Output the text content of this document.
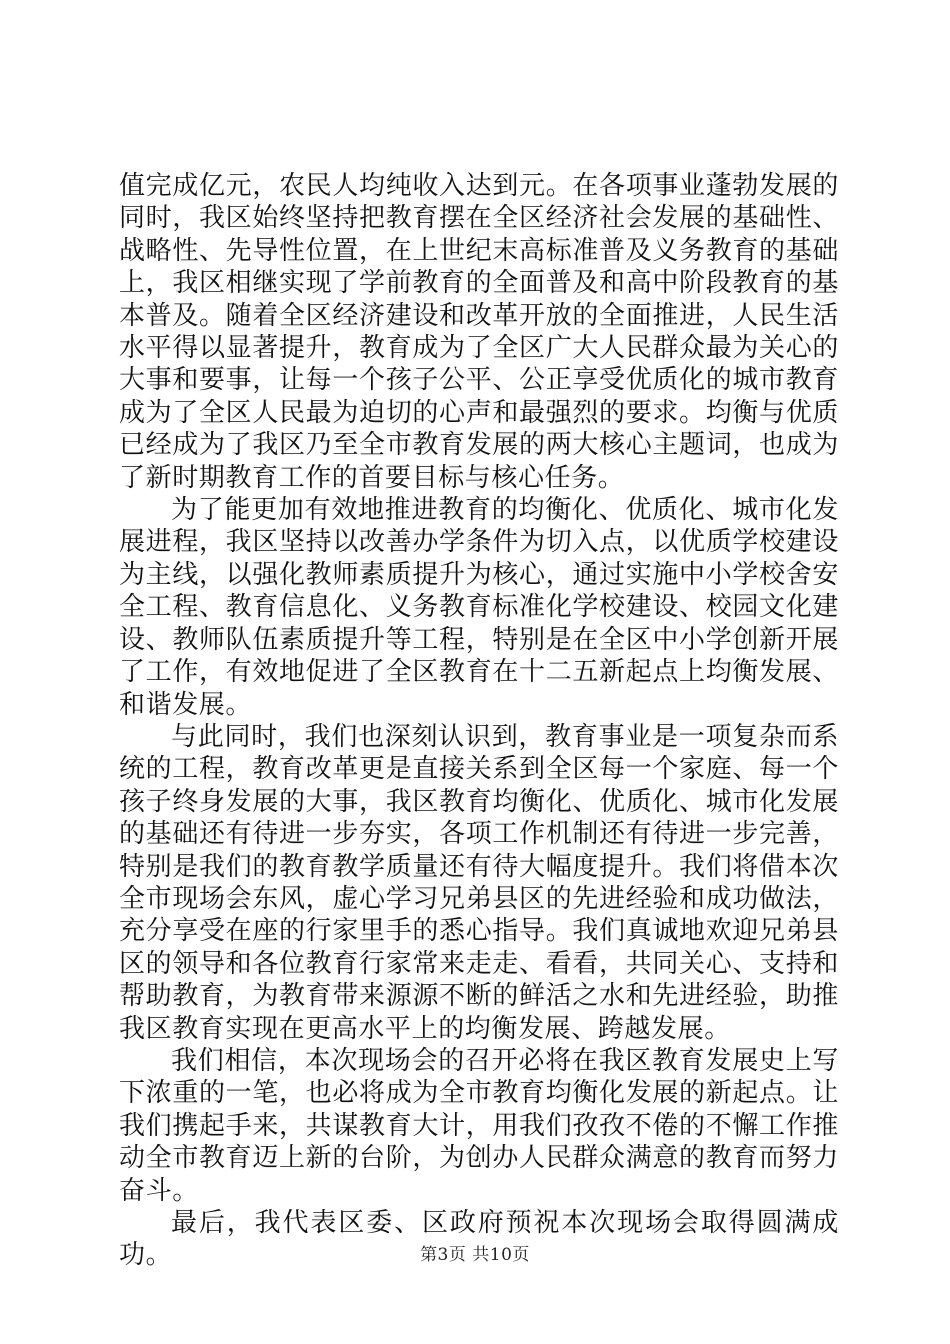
值完成亿元，农民人均纯收入达到元。在各项事业蓬勃发展的同时，我区始终坚持把教育摆在全区经济社会发展的基础性、战略性、先导性位置，在上世纪末高标准普及义务教育的基础上，我区相继实现了学前教育的全面普及和高中阶段教育的基本普及。随着全区经济建设和改革开放的全面推进，人民生活水平得以显著提升，教育成为了全区广大人民群众最为关心的大事和要事，让每一个孩子公平、公正享受优质化的城市教育成为了全区人民最为迫切的心声和最强烈的要求。均衡与优质已经成为了我区乃至全市教育发展的两大核心主题词，也成为了新时期教育工作的首要目标与核心任务。

为了能更加有效地推进教育的均衡化、优质化、城市化发展进程，我区坚持以改善办学条件为切入点，以优质学校建设为主线，以强化教师素质提升为核心，通过实施中小学校舍安全工程、教育信息化、义务教育标准化学校建设、校园文化建设、教师队伍素质提升等工程，特别是在全区中小学创新开展了工作，有效地促进了全区教育在十二五新起点上均衡发展、和谐发展。

与此同时，我们也深刻认识到，教育事业是一项复杂而系统的工程，教育改革更是直接关系到全区每一个家庭、每一个孩子终身发展的大事，我区教育均衡化、优质化、城市化发展的基础还有待进一步夯实，各项工作机制还有待进一步完善，特别是我们的教育教学质量还有待大幅度提升。我们将借本次全市现场会东风，虚心学习兄弟县区的先进经验和成功做法，充分享受在座的行家里手的悉心指导。我们真诚地欢迎兄弟县区的领导和各位教育行家常来走走、看看，共同关心、支持和帮助教育，为教育带来源源不断的鲜活之水和先进经验，助推我区教育实现在更高水平上的均衡发展、跨越发展。

我们相信，本次现场会的召开必将在我区教育发展史上写下浓重的一笔，也必将成为全市教育均衡化发展的新起点。让我们携起手来，共谋教育大计，用我们孜孜不倦的不懈工作推动全市教育迈上新的台阶，为创办人民群众满意的教育而努力奋斗。

最后，我代表区委、区政府预祝本次现场会取得圆满成功。	第3页 共10页
